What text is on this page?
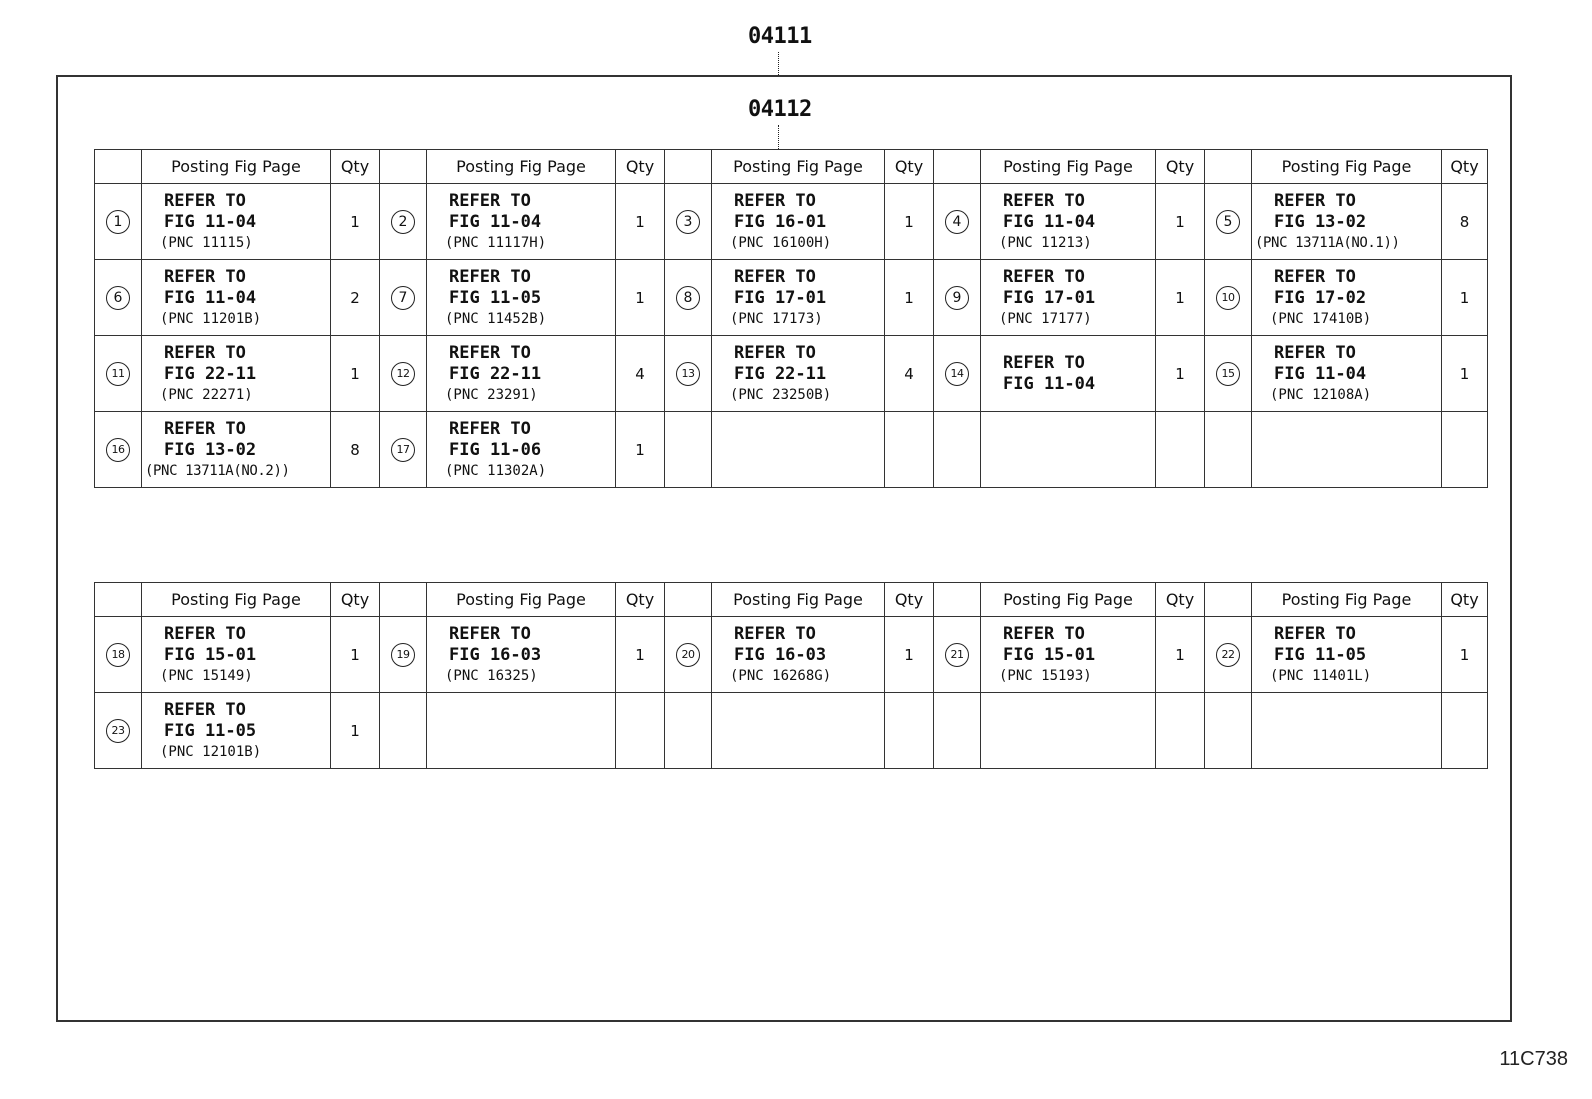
04111
04112
	Posting Fig Page	Qty		Posting Fig Page	Qty		Posting Fig Page	Qty		Posting Fig Page	Qty		Posting Fig Page	Qty
1	REFER TO
FIG 11-04
(PNC 11115)	1	2	REFER TO
FIG 11-04
(PNC 11117H)	1	3	REFER TO
FIG 16-01
(PNC 16100H)	1	4	REFER TO
FIG 11-04
(PNC 11213)	1	5	REFER TO
FIG 13-02
(PNC 13711A(NO.1))	8
6	REFER TO
FIG 11-04
(PNC 11201B)	2	7	REFER TO
FIG 11-05
(PNC 11452B)	1	8	REFER TO
FIG 17-01
(PNC 17173)	1	9	REFER TO
FIG 17-01
(PNC 17177)	1	10	REFER TO
FIG 17-02
(PNC 17410B)	1
11	REFER TO
FIG 22-11
(PNC 22271)	1	12	REFER TO
FIG 22-11
(PNC 23291)	4	13	REFER TO
FIG 22-11
(PNC 23250B)	4	14	REFER TO
FIG 11-04	1	15	REFER TO
FIG 11-04
(PNC 12108A)	1
16	REFER TO
FIG 13-02
(PNC 13711A(NO.2))	8	17	REFER TO
FIG 11-06
(PNC 11302A)	1									
	Posting Fig Page	Qty		Posting Fig Page	Qty		Posting Fig Page	Qty		Posting Fig Page	Qty		Posting Fig Page	Qty
18	REFER TO
FIG 15-01
(PNC 15149)	1	19	REFER TO
FIG 16-03
(PNC 16325)	1	20	REFER TO
FIG 16-03
(PNC 16268G)	1	21	REFER TO
FIG 15-01
(PNC 15193)	1	22	REFER TO
FIG 11-05
(PNC 11401L)	1
23	REFER TO
FIG 11-05
(PNC 12101B)	1												
11C738
